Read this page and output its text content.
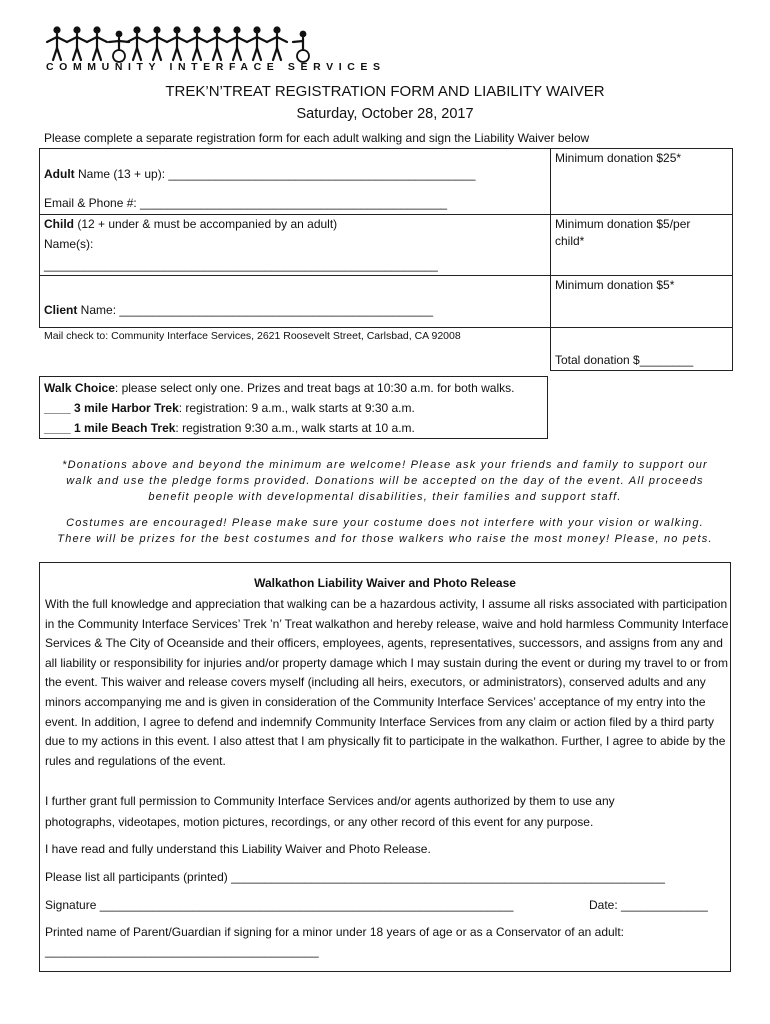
COMMUNITY INTERFACE SERVICES
TREK’N’TREAT REGISTRATION FORM AND LIABILITY WAIVER
Saturday, October 28, 2017
Please complete a separate registration form for each adult walking and sign the Liability Waiver below
Adult Name (13 + up): ______________________________________________
Email & Phone #: ______________________________________________
Child (12 + under & must be accompanied by an adult)
Name(s):
___________________________________________________________
Client Name: _______________________________________________
Mail check to: Community Interface Services, 2621 Roosevelt Street, Carlsbad, CA 92008
Minimum donation $25*
Minimum donation $5/per
child*
Minimum donation $5*
Total donation $________
Walk Choice: please select only one. Prizes and treat bags at 10:30 a.m. for both walks.
____ 3 mile Harbor Trek: registration: 9 a.m., walk starts at 9:30 a.m.
____ 1 mile Beach Trek: registration 9:30 a.m., walk starts at 10 a.m.
*Donations above and beyond the minimum are welcome! Please ask your friends and family to support our
walk and use the pledge forms provided. Donations will be accepted on the day of the event. All proceeds
benefit people with developmental disabilities, their families and support staff.
Costumes are encouraged! Please make sure your costume does not interfere with your vision or walking.
There will be prizes for the best costumes and for those walkers who raise the most money! Please, no pets.
Walkathon Liability Waiver and Photo Release
With the full knowledge and appreciation that walking can be a hazardous activity, I assume all risks associated with participation in the Community Interface Services’ Trek ’n’ Treat walkathon and hereby release, waive and hold harmless Community Interface Services & The City of Oceanside and their officers, employees, agents, representatives, successors, and assigns from any and all liability or responsibility for injuries and/or property damage which I may sustain during the event or during my travel to or from the event. This waiver and release covers myself (including all heirs, executors, or administrators), conserved adults and any minors accompanying me and is given in consideration of the Community Interface Services’ acceptance of my entry into the event. In addition, I agree to defend and indemnify Community Interface Services from any claim or action filed by a third party due to my actions in this event. I also attest that I am physically fit to participate in the walkathon. Further, I agree to abide by the rules and regulations of the event.
I further grant full permission to Community Interface Services and/or agents authorized by them to use any
photographs, videotapes, motion pictures, recordings, or any other record of this event for any purpose.
I have read and fully understand this Liability Waiver and Photo Release.
Please list all participants (printed) _________________________________________________________________
Signature ______________________________________________________________	Date: _____________
Printed name of Parent/Guardian if signing for a minor under 18 years of age or as a Conservator of an adult:
_________________________________________
